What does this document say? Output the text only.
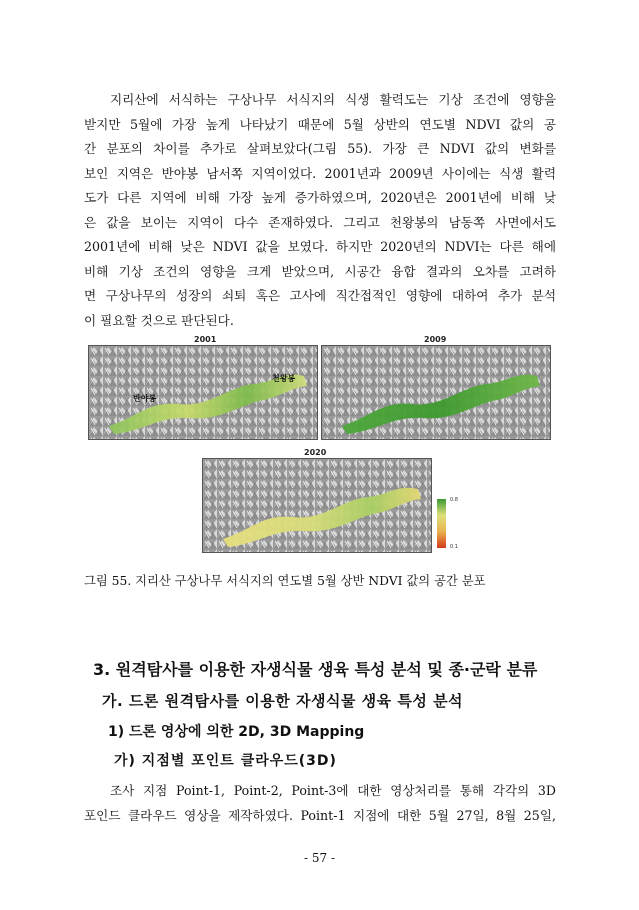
지리산에 서식하는 구상나무 서식지의 식생 활력도는 기상 조건에 영향을
받지만 5월에 가장 높게 나타났기 때문에 5월 상반의 연도별 NDVI 값의 공
간 분포의 차이를 추가로 살펴보았다(그림 55). 가장 큰 NDVI 값의 변화를
보인 지역은 반야봉 남서쪽 지역이었다. 2001년과 2009년 사이에는 식생 활력
도가 다른 지역에 비해 가장 높게 증가하였으며, 2020년은 2001년에 비해 낮
은 값을 보이는 지역이 다수 존재하였다. 그리고 천왕봉의 남동쪽 사면에서도
2001년에 비해 낮은 NDVI 값을 보였다. 하지만 2020년의 NDVI는 다른 해에
비해 기상 조건의 영향을 크게 받았으며, 시공간 융합 결과의 오차를 고려하
면 구상나무의 성장의 쇠퇴 혹은 고사에 직간접적인 영향에 대하여 추가 분석
이 필요할 것으로 판단된다.
2001
천왕봉
반야봉
2009
2020
0.8
0.1
그림 55. 지리산 구상나무 서식지의 연도별 5월 상반 NDVI 값의 공간 분포
3. 원격탐사를 이용한 자생식물 생육 특성 분석 및 종·군락 분류
가. 드론 원격탐사를 이용한 자생식물 생육 특성 분석
1) 드론 영상에 의한 2D, 3D Mapping
가) 지점별 포인트 클라우드(3D)
조사 지점 Point-1, Point-2, Point-3에 대한 영상처리를 통해 각각의 3D
포인드 클라우드 영상을 제작하였다. Point-1 지점에 대한 5월 27일, 8월 25일,
- 57 -
